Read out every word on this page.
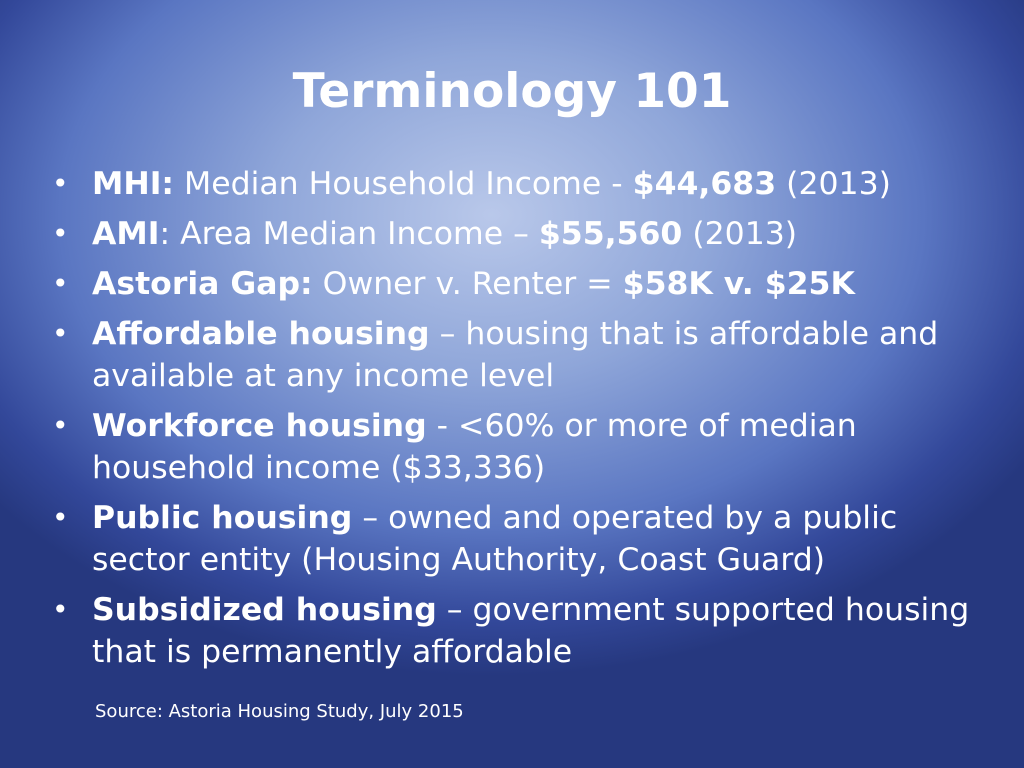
Terminology 101
• MHI: Median Household Income - $44,683 (2013)
• AMI: Area Median Income – $55,560 (2013)
• Astoria Gap: Owner v. Renter = $58K v. $25K
• Affordable housing – housing that is affordable and available at any income level
• Workforce housing - <60% or more of median household income ($33,336)
• Public housing – owned and operated by a public sector entity (Housing Authority, Coast Guard)
• Subsidized housing – government supported housing that is permanently affordable
Source: Astoria Housing Study, July 2015
